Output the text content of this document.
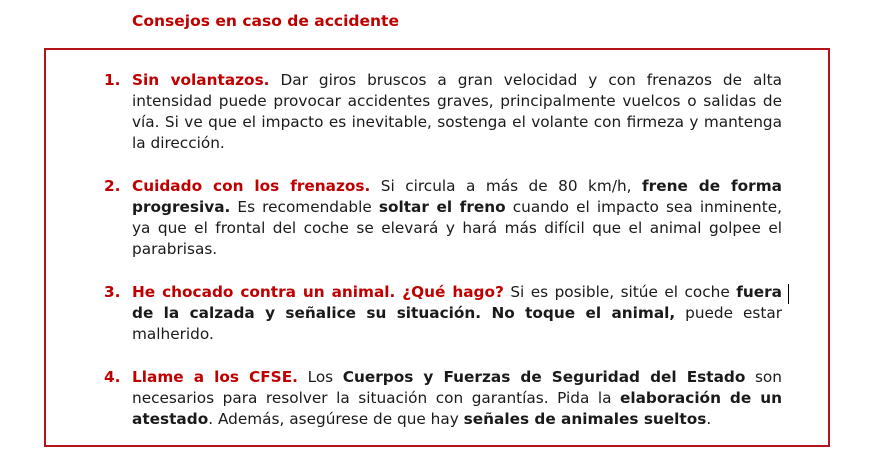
Consejos en caso de accidente
1. Sin volantazos. Dar giros bruscos a gran velocidad y con frenazos de alta intensidad puede provocar accidentes graves, principalmente vuelcos o salidas de vía. Si ve que el impacto es inevitable, sostenga el volante con firmeza y mantenga la dirección.
2. Cuidado con los frenazos. Si circula a más de 80 km/h, frene de forma progresiva. Es recomendable soltar el freno cuando el impacto sea inminente, ya que el frontal del coche se elevará y hará más difícil que el animal golpee el parabrisas.
3. He chocado contra un animal. ¿Qué hago? Si es posible, sitúe el coche fuera de la calzada y señalice su situación. No toque el animal, puede estar malherido.
4. Llame a los CFSE. Los Cuerpos y Fuerzas de Seguridad del Estado son necesarios para resolver la situación con garantías. Pida la elaboración de un atestado. Además, asegúrese de que hay señales de animales sueltos.
